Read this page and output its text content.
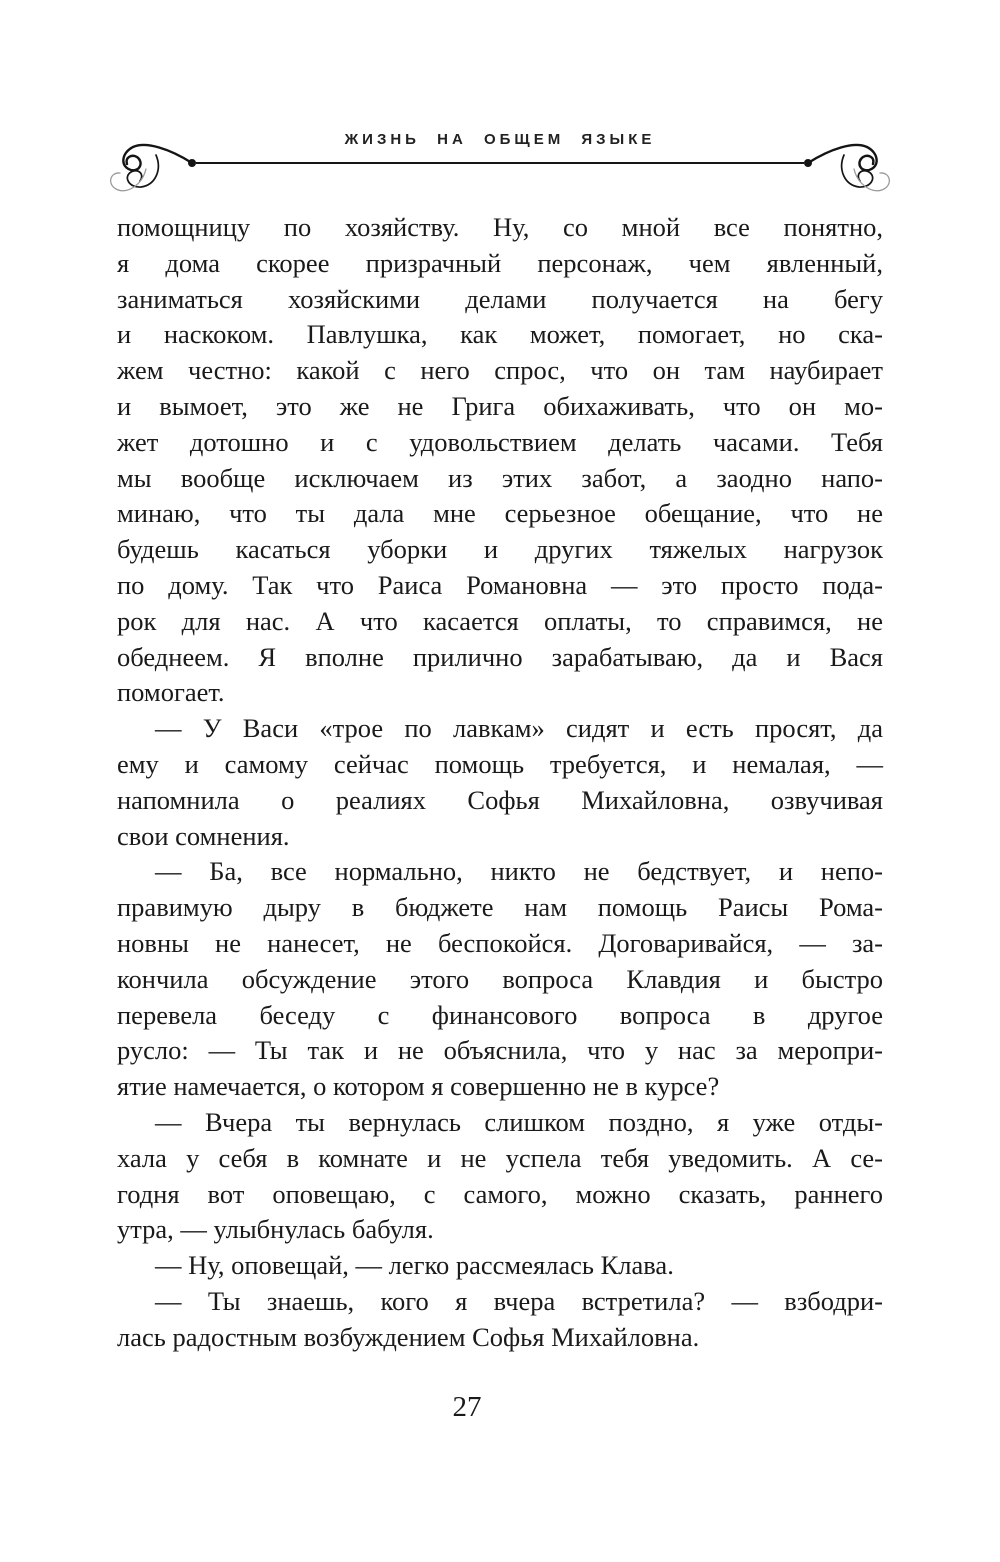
ЖИЗНЬ НА ОБЩЕМ ЯЗЫКЕ
помощницу по хозяйству. Ну, со мной все понятно,
я дома скорее призрачный персонаж, чем явленный,
заниматься хозяйскими делами получается на бегу
и наскоком. Павлушка, как может, помогает, но ска-
жем честно: какой с него спрос, что он там наубирает
и вымоет, это же не Грига обихаживать, что он мо-
жет дотошно и с удовольствием делать часами. Тебя
мы вообще исключаем из этих забот, а заодно напо-
минаю, что ты дала мне серьезное обещание, что не
будешь касаться уборки и других тяжелых нагрузок
по дому. Так что Раиса Романовна — это просто пода-
рок для нас. А что касается оплаты, то справимся, не
обеднеем. Я вполне прилично зарабатываю, да и Вася
помогает.
— У Васи «трое по лавкам» сидят и есть просят, да
ему и самому сейчас помощь требуется, и немалая, —
напомнила о реалиях Софья Михайловна, озвучивая
свои сомнения.
— Ба, все нормально, никто не бедствует, и непо-
правимую дыру в бюджете нам помощь Раисы Рома-
новны не нанесет, не беспокойся. Договаривайся, — за-
кончила обсуждение этого вопроса Клавдия и быстро
перевела беседу с финансового вопроса в другое
русло: — Ты так и не объяснила, что у нас за меропри-
ятие намечается, о котором я совершенно не в курсе?
— Вчера ты вернулась слишком поздно, я уже отды-
хала у себя в комнате и не успела тебя уведомить. А се-
годня вот оповещаю, с самого, можно сказать, раннего
утра, — улыбнулась бабуля.
— Ну, оповещай, — легко рассмеялась Клава.
— Ты знаешь, кого я вчера встретила? — взбодри-
лась радостным возбуждением Софья Михайловна.
27
